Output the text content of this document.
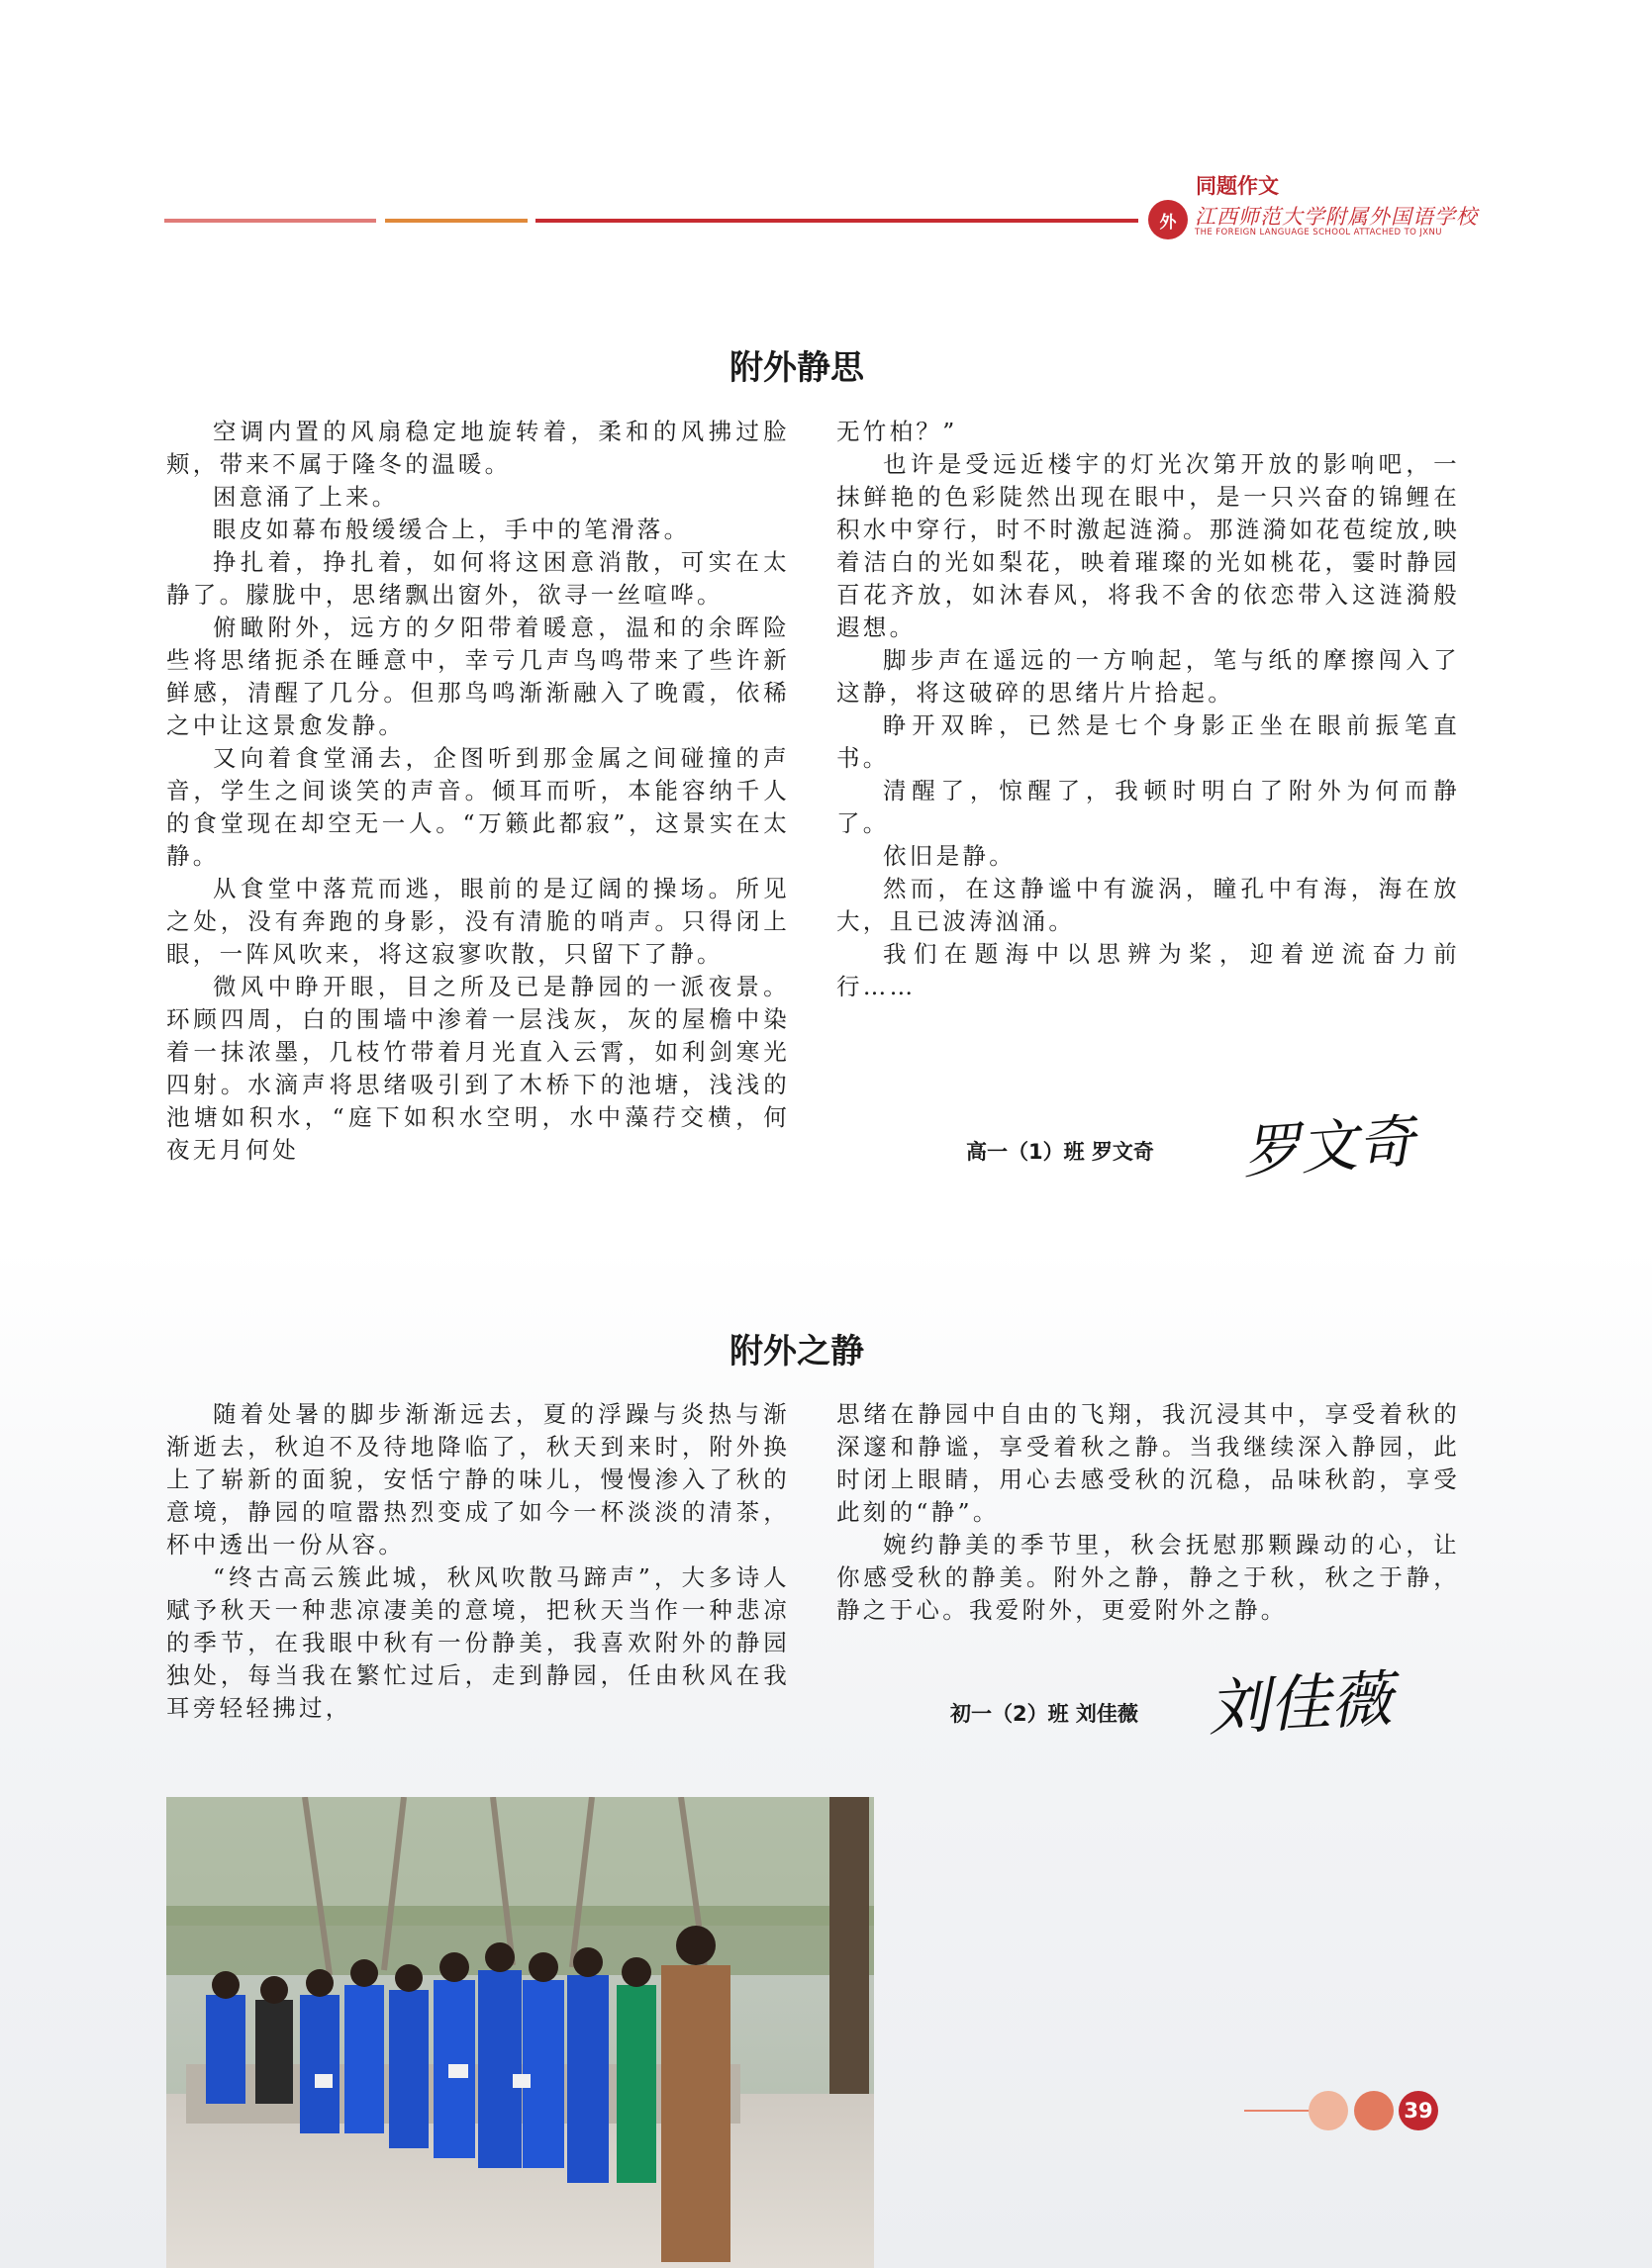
同题作文
外 江西师范大学附属外国语学校
THE FOREIGN LANGUAGE SCHOOL ATTACHED TO JXNU
附外静思

空调内置的风扇稳定地旋转着，柔和的风拂过脸颊，带来不属于隆冬的温暖。

困意涌了上来。

眼皮如幕布般缓缓合上，手中的笔滑落。

挣扎着，挣扎着，如何将这困意消散，可实在太静了。朦胧中，思绪飘出窗外，欲寻一丝喧哗。

俯瞰附外，远方的夕阳带着暖意，温和的余晖险些将思绪扼杀在睡意中，幸亏几声鸟鸣带来了些许新鲜感，清醒了几分。但那鸟鸣渐渐融入了晚霞，依稀之中让这景愈发静。

又向着食堂涌去，企图听到那金属之间碰撞的声音，学生之间谈笑的声音。倾耳而听，本能容纳千人的食堂现在却空无一人。“万籁此都寂”，这景实在太静。

从食堂中落荒而逃，眼前的是辽阔的操场。所见之处，没有奔跑的身影，没有清脆的哨声。只得闭上眼，一阵风吹来，将这寂寥吹散，只留下了静。

微风中睁开眼，目之所及已是静园的一派夜景。环顾四周，白的围墙中渗着一层浅灰，灰的屋檐中染着一抹浓墨，几枝竹带着月光直入云霄，如利剑寒光四射。水滴声将思绪吸引到了木桥下的池塘，浅浅的池塘如积水，“庭下如积水空明，水中藻荇交横，何夜无月何处

无竹柏？”

也许是受远近楼宇的灯光次第开放的影响吧，一抹鲜艳的色彩陡然出现在眼中，是一只兴奋的锦鲤在积水中穿行，时不时激起涟漪。那涟漪如花苞绽放,映着洁白的光如梨花，映着璀璨的光如桃花，霎时静园百花齐放，如沐春风，将我不舍的依恋带入这涟漪般遐想。

脚步声在遥远的一方响起，笔与纸的摩擦闯入了这静，将这破碎的思绪片片拾起。

睁开双眸，已然是七个身影正坐在眼前振笔直书。

清醒了，惊醒了，我顿时明白了附外为何而静了。

依旧是静。

然而，在这静谧中有漩涡，瞳孔中有海，海在放大，且已波涛汹涌。

我们在题海中以思辨为桨，迎着逆流奋力前行……

高一（1）班 罗文奇 罗文奇
附外之静

随着处暑的脚步渐渐远去，夏的浮躁与炎热与渐渐逝去，秋迫不及待地降临了，秋天到来时，附外换上了崭新的面貌，安恬宁静的味儿，慢慢渗入了秋的意境，静园的喧嚣热烈变成了如今一杯淡淡的清茶，杯中透出一份从容。

“终古高云簇此城，秋风吹散马蹄声”，大多诗人赋予秋天一种悲凉凄美的意境，把秋天当作一种悲凉的季节，在我眼中秋有一份静美，我喜欢附外的静园独处，每当我在繁忙过后，走到静园，任由秋风在我耳旁轻轻拂过，

思绪在静园中自由的飞翔，我沉浸其中，享受着秋的深邃和静谧，享受着秋之静。当我继续深入静园，此时闭上眼睛，用心去感受秋的沉稳，品味秋韵，享受此刻的“静”。

婉约静美的季节里，秋会抚慰那颗躁动的心，让你感受秋的静美。附外之静，静之于秋，秋之于静，静之于心。我爱附外，更爱附外之静。

初一（2）班 刘佳薇 刘佳薇
39
